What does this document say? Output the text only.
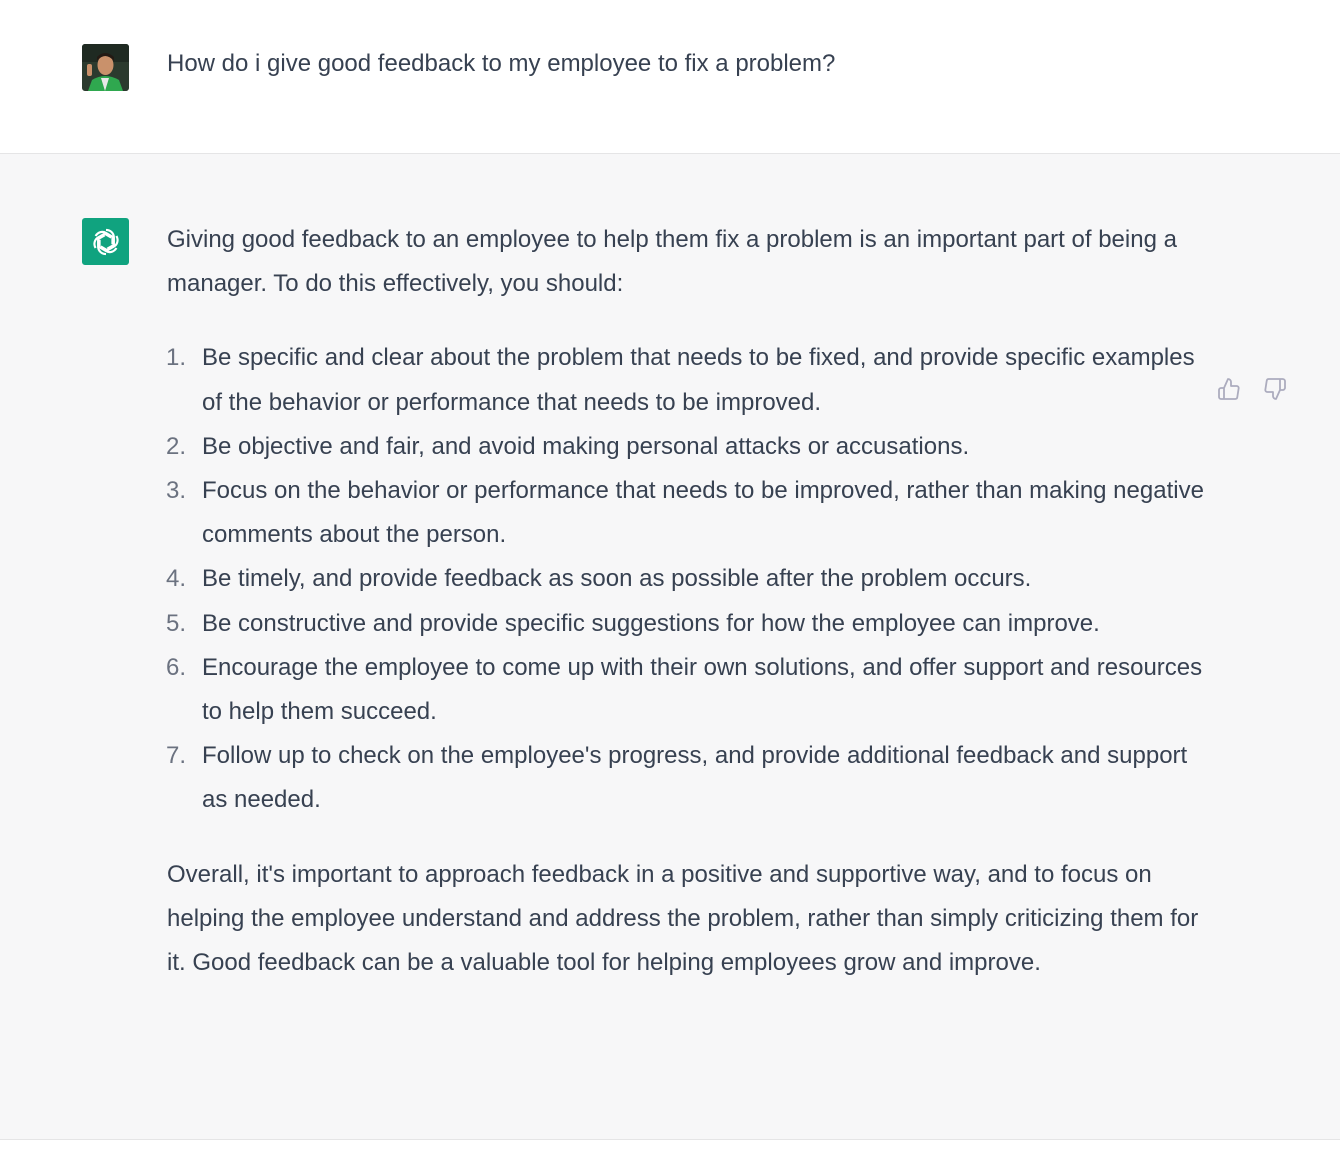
How do i give good feedback to my employee to fix a problem?

Giving good feedback to an employee to help them fix a problem is an important part of being a manager. To do this effectively, you should:

1. Be specific and clear about the problem that needs to be fixed, and provide specific examples of the behavior or performance that needs to be improved.
2. Be objective and fair, and avoid making personal attacks or accusations.
3. Focus on the behavior or performance that needs to be improved, rather than making negative comments about the person.
4. Be timely, and provide feedback as soon as possible after the problem occurs.
5. Be constructive and provide specific suggestions for how the employee can improve.
6. Encourage the employee to come up with their own solutions, and offer support and resources to help them succeed.
7. Follow up to check on the employee's progress, and provide additional feedback and support as needed.

Overall, it's important to approach feedback in a positive and supportive way, and to focus on helping the employee understand and address the problem, rather than simply criticizing them for it. Good feedback can be a valuable tool for helping employees grow and improve.
